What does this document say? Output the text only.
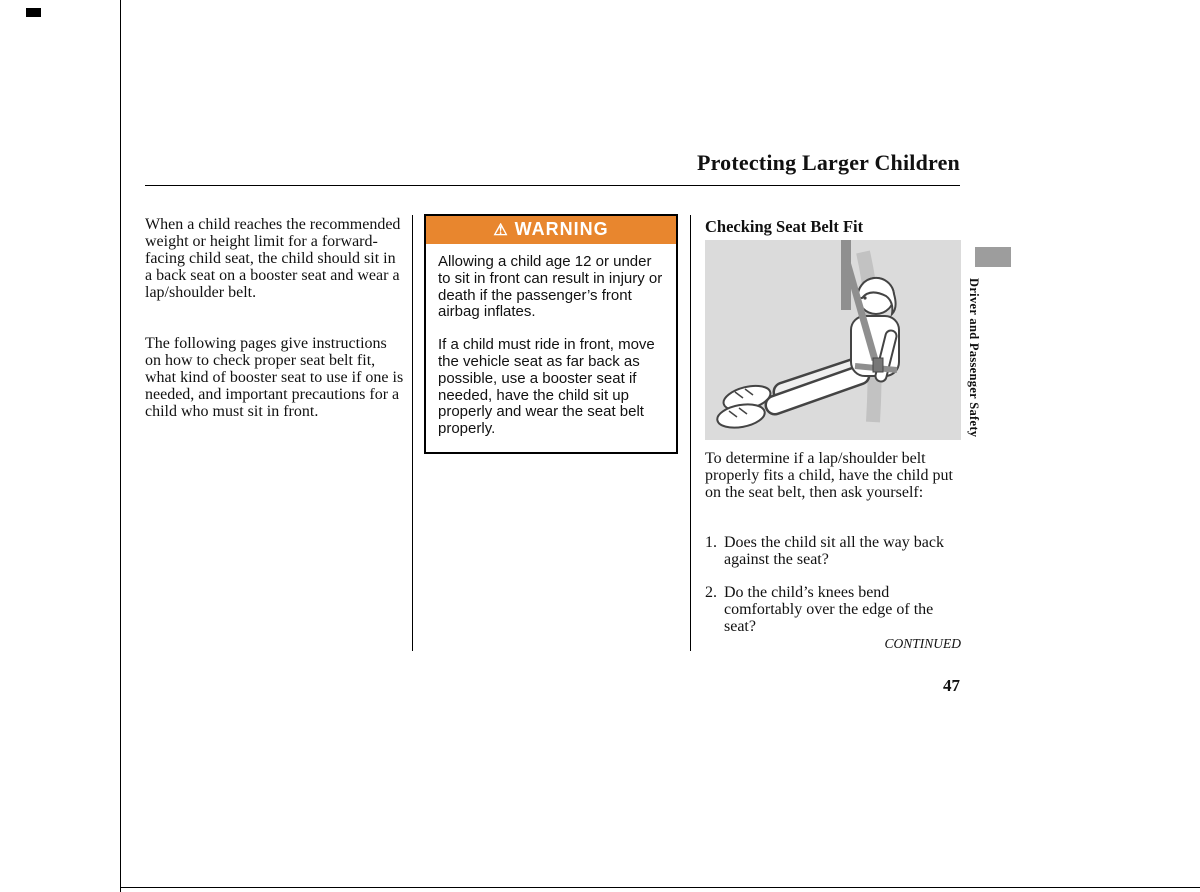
Protecting Larger Children
When a child reaches the recommended weight or height limit for a forward-facing child seat, the child should sit in a back seat on a booster seat and wear a lap/shoulder belt.
The following pages give instructions on how to check proper seat belt fit, what kind of booster seat to use if one is needed, and important precautions for a child who must sit in front.
⚠ WARNING

Allowing a child age 12 or under to sit in front can result in injury or death if the passenger’s front airbag inflates.

If a child must ride in front, move the vehicle seat as far back as possible, use a booster seat if needed, have the child sit up properly and wear the seat belt properly.

Checking Seat Belt Fit
To determine if a lap/shoulder belt properly fits a child, have the child put on the seat belt, then ask yourself:
1. Does the child sit all the way back against the seat?
2. Do the child’s knees bend comfortably over the edge of the seat?
CONTINUED
47
Driver and Passenger Safety
